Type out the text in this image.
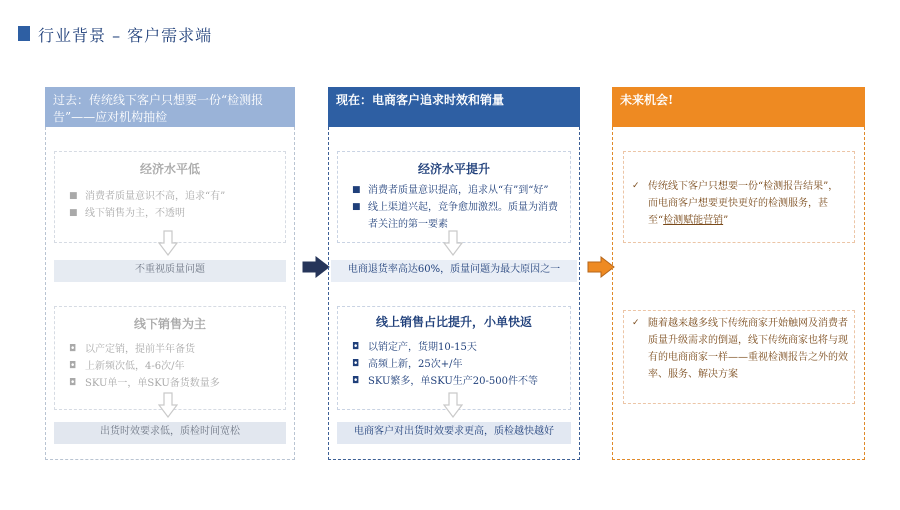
行业背景 – 客户需求端
过去：传统线下客户只想要一份“检测报告”——应对机构抽检
经济水平低
■ 消费者质量意识不高，追求“有”
■ 线下销售为主，不透明
不重视质量问题
线下销售为主
◘ 以产定销，提前半年备货
◘ 上新频次低，4-6次/年
◘ SKU单一，单SKU备货数量多
出货时效要求低，质检时间宽松
现在：电商客户追求时效和销量
经济水平提升
■ 消费者质量意识提高，追求从“有”到“好”
■ 线上渠道兴起，竞争愈加激烈。质量为消费者关注的第一要素
电商退货率高达60%，质量问题为最大原因之一
线上销售占比提升，小单快返
◘ 以销定产，货期10-15天
◘ 高频上新，25次+/年
◘ SKU繁多，单SKU生产20-500件不等
电商客户对出货时效要求更高，质检越快越好
未来机会!
✓ 传统线下客户只想要一份“检测报告结果”，而电商客户想要更快更好的检测服务，甚至“检测赋能营销”
✓ 随着越来越多线下传统商家开始触网及消费者质量升级需求的倒逼，线下传统商家也将与现有的电商商家一样——重视检测报告之外的效率、服务、解决方案
